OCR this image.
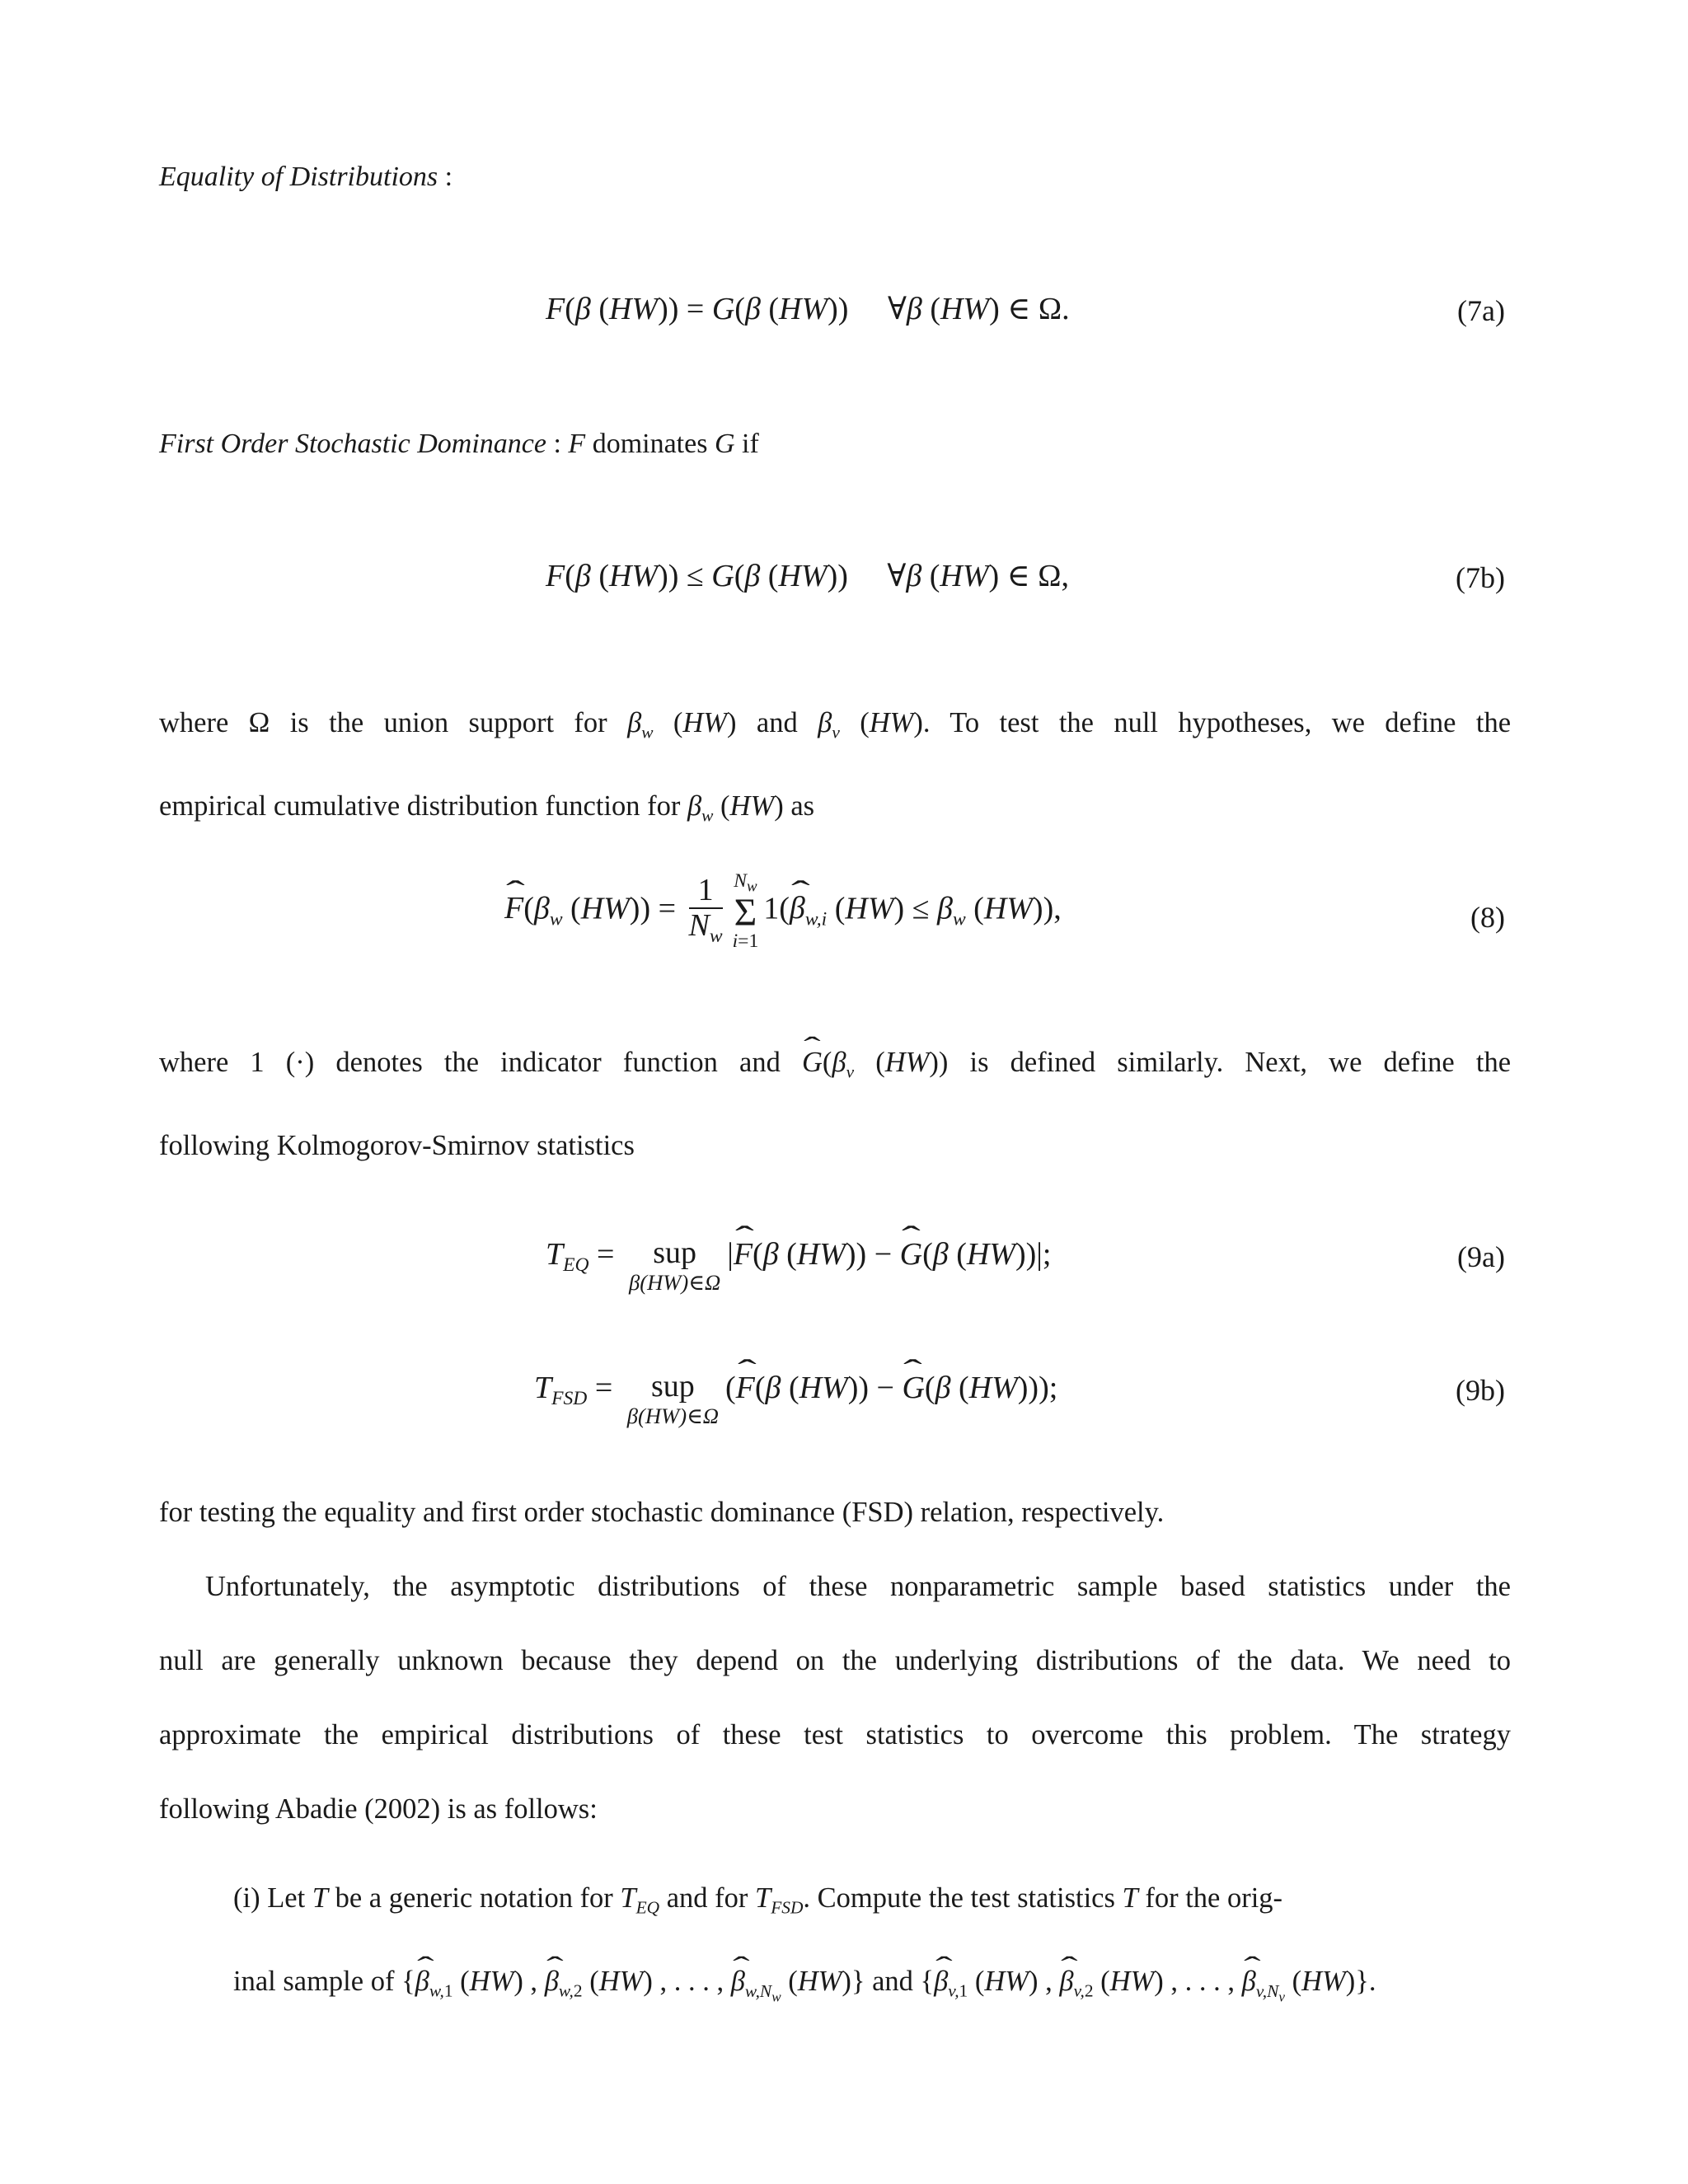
Equality of Distributions :
F(β (HW)) = G(β (HW))     ∀β (HW) ∈ Ω.	(7a)
First Order Stochastic Dominance : F dominates G if
F(β (HW)) ≤ G(β (HW))     ∀β (HW) ∈ Ω,	(7b)
where Ω is the union support for $\beta_w$ (HW) and $\beta_v$ (HW). To test the null hypotheses, we define the
empirical cumulative distribution function for $\beta_w$ (HW) as
ˆ $F(\beta_w$ $(HW)) = \frac{1}{N_w} N_w$
Σ
i=1
1(ˆ $\beta_{w,i}$ $(HW) \le \beta_w$ (HW)),	(8)
where 1 (·) denotes the indicator function and ˆ $G(\beta_v$ (HW)) is defined similarly. Next, we define the
following Kolmogorov-Smirnov statistics
$T_{EQ}$ = sup
β(HW)∈Ω
|ˆ F(β (HW)) − ˆ G(β (HW))|;	(9a)
$T_{FSD}$ = sup
β(HW)∈Ω
(ˆ F(β (HW)) − ˆ G(β (HW)));	(9b)
for testing the equality and first order stochastic dominance (FSD) relation, respectively.
Unfortunately, the asymptotic distributions of these nonparametric sample based statistics under the
null are generally unknown because they depend on the underlying distributions of the data. We need to
approximate the empirical distributions of these test statistics to overcome this problem. The strategy
following Abadie (2002) is as follows:
(i) Let T be a generic notation for $T_{EQ}$ and for $T_{FSD}$. Compute the test statistics T for the orig-
inal sample of {ˆ $\beta_{w,1}$ (HW) , ˆ $\beta_{w,2}$ (HW) , . . . , ˆ $\beta_{w,N_w}$ (HW)} and {ˆ $\beta_{v,1}$ (HW) , ˆ $\beta_{v,2}$ (HW) , . . . , ˆ $\beta_{v,N_v}$ (HW)}.
